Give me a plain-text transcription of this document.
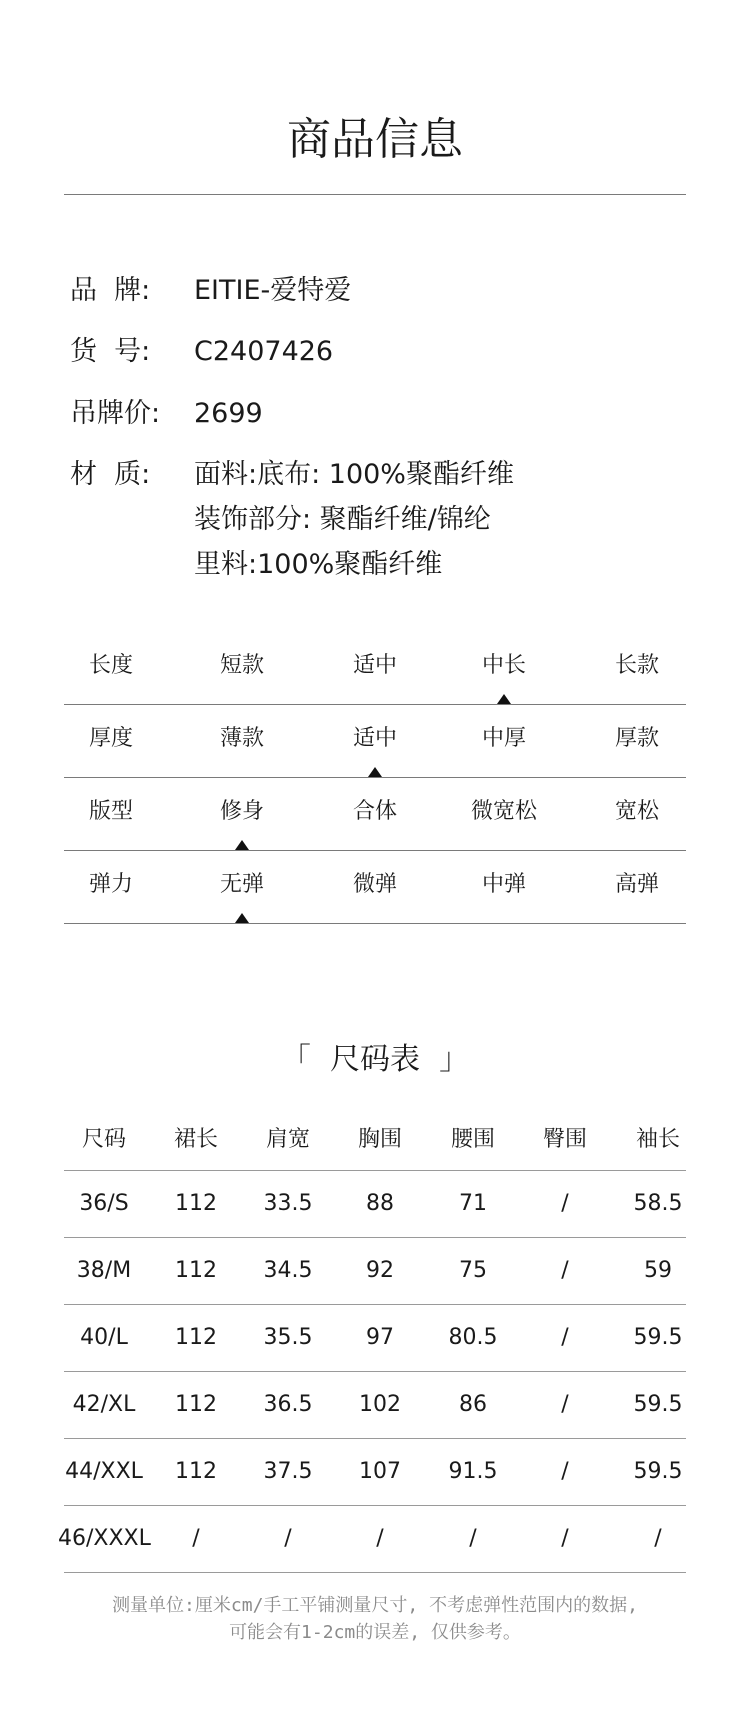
商品信息
品  牌:	EITIE-爱特爱
货  号:	C2407426
吊牌价:	2699
材  质:	面料:底布: 100%聚酯纤维
装饰部分: 聚酯纤维/锦纶
里料:100%聚酯纤维
长度	短款	适中	中长	长款
厚度	薄款	适中	中厚	厚款
版型	修身	合体	微宽松	宽松
弹力	无弹	微弹	中弹	高弹
「  尺码表  」
尺码	裙长	肩宽	胸围	腰围	臀围	袖长
36/S	112	33.5	88	71	/	58.5
38/M	112	34.5	92	75	/	59
40/L	112	35.5	97	80.5	/	59.5
42/XL	112	36.5	102	86	/	59.5
44/XXL	112	37.5	107	91.5	/	59.5
46/XXXL	/	/	/	/	/	/
测量单位:厘米cm/手工平铺测量尺寸, 不考虑弹性范围内的数据,
可能会有1-2cm的误差, 仅供参考。
